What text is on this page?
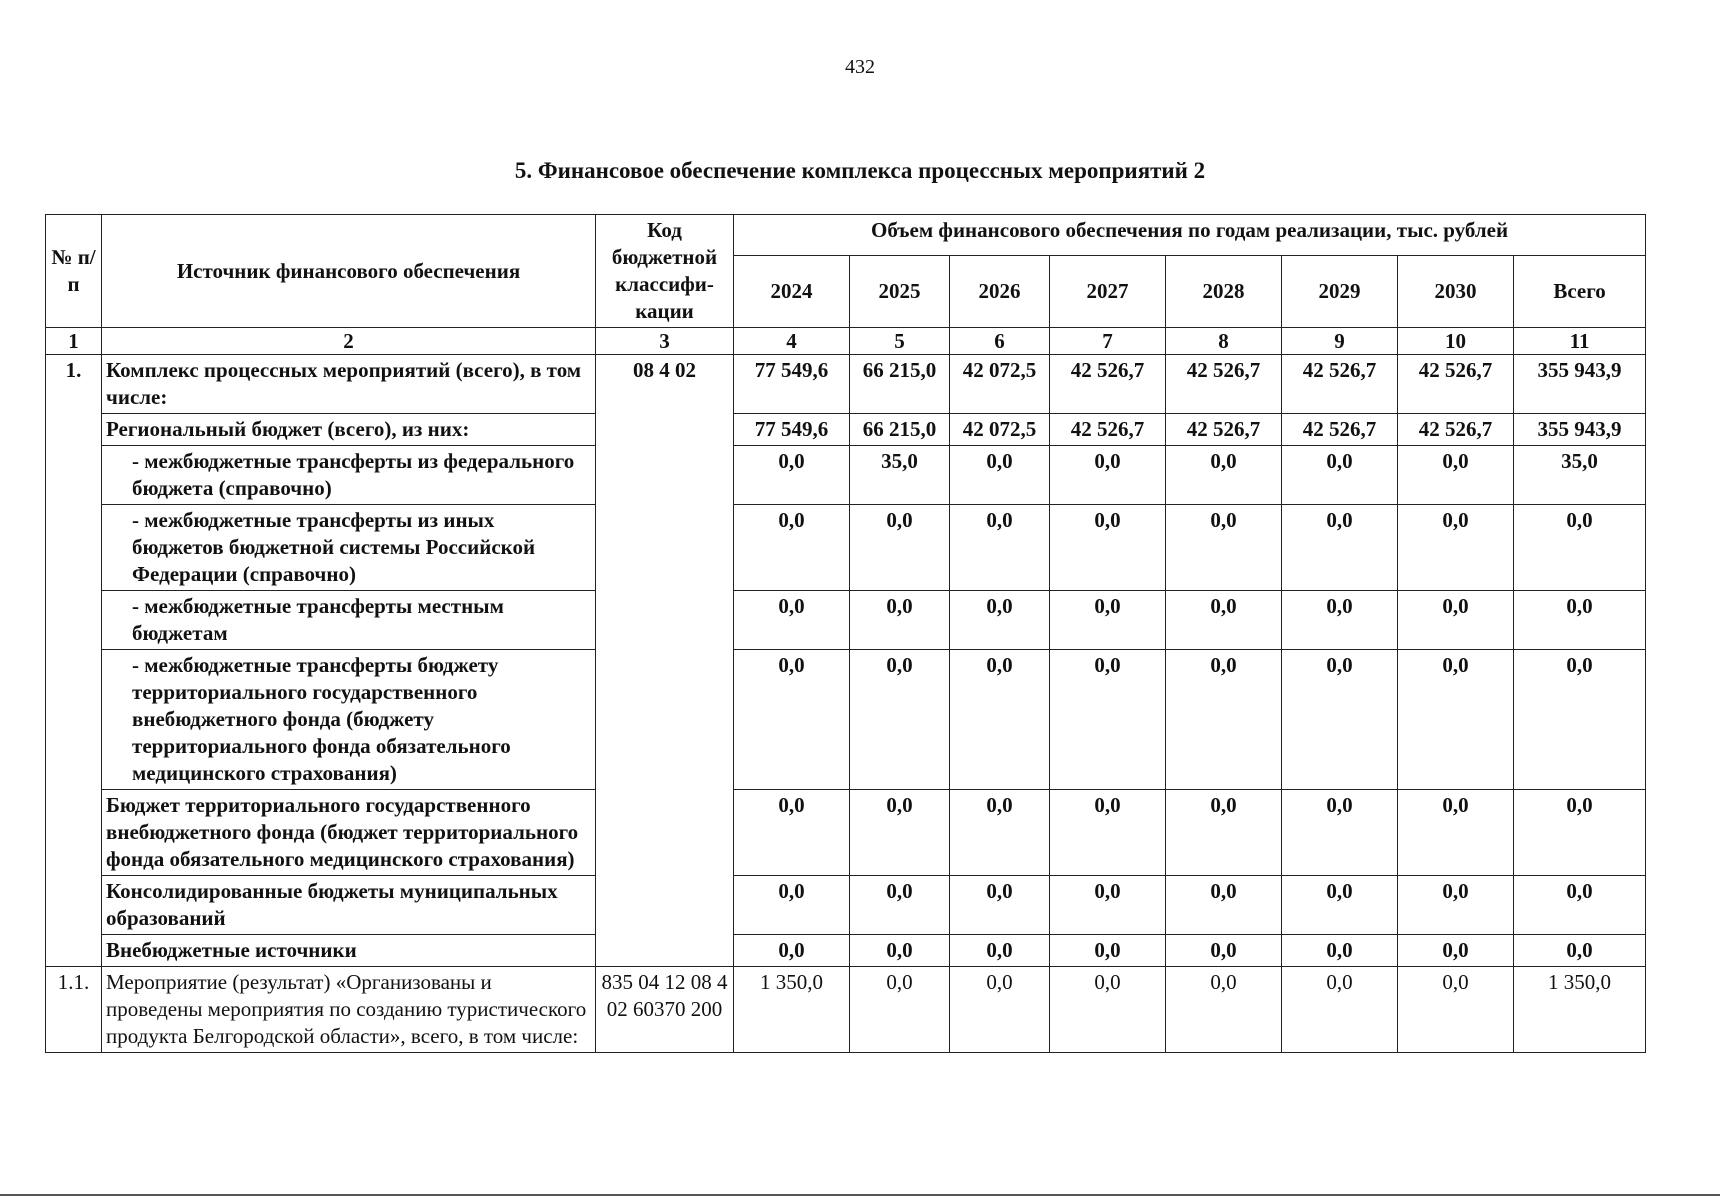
432
5. Финансовое обеспечение комплекса процессных мероприятий 2
№ п/п	Источник финансового обеспечения	Код бюджетной классифи-кации	Объем финансового обеспечения по годам реализации, тыс. рублей							
			2024	2025	2026	2027	2028	2029	2030	Всего
1	2	3	4	5	6	7	8	9	10	11
1.	Комплекс процессных мероприятий (всего), в том числе:	08 4 02	77 549,6	66 215,0	42 072,5	42 526,7	42 526,7	42 526,7	42 526,7	355 943,9
	Региональный бюджет (всего), из них:		77 549,6	66 215,0	42 072,5	42 526,7	42 526,7	42 526,7	42 526,7	355 943,9
	- межбюджетные трансферты из федерального бюджета (справочно)		0,0	35,0	0,0	0,0	0,0	0,0	0,0	35,0
	- межбюджетные трансферты из иных бюджетов бюджетной системы Российской Федерации (справочно)		0,0	0,0	0,0	0,0	0,0	0,0	0,0	0,0
	- межбюджетные трансферты местным бюджетам		0,0	0,0	0,0	0,0	0,0	0,0	0,0	0,0
	- межбюджетные трансферты бюджету территориального государственного внебюджетного фонда (бюджету территориального фонда обязательного медицинского страхования)		0,0	0,0	0,0	0,0	0,0	0,0	0,0	0,0
	Бюджет территориального государственного внебюджетного фонда (бюджет территориального фонда обязательного медицинского страхования)		0,0	0,0	0,0	0,0	0,0	0,0	0,0	0,0
	Консолидированные бюджеты муниципальных образований		0,0	0,0	0,0	0,0	0,0	0,0	0,0	0,0
	Внебюджетные источники		0,0	0,0	0,0	0,0	0,0	0,0	0,0	0,0
1.1.	Мероприятие (результат) «Организованы и проведены мероприятия по созданию туристического продукта Белгородской области», всего, в том числе:	835 04 12 08 4 02 60370 200	1 350,0	0,0	0,0	0,0	0,0	0,0	0,0	1 350,0
